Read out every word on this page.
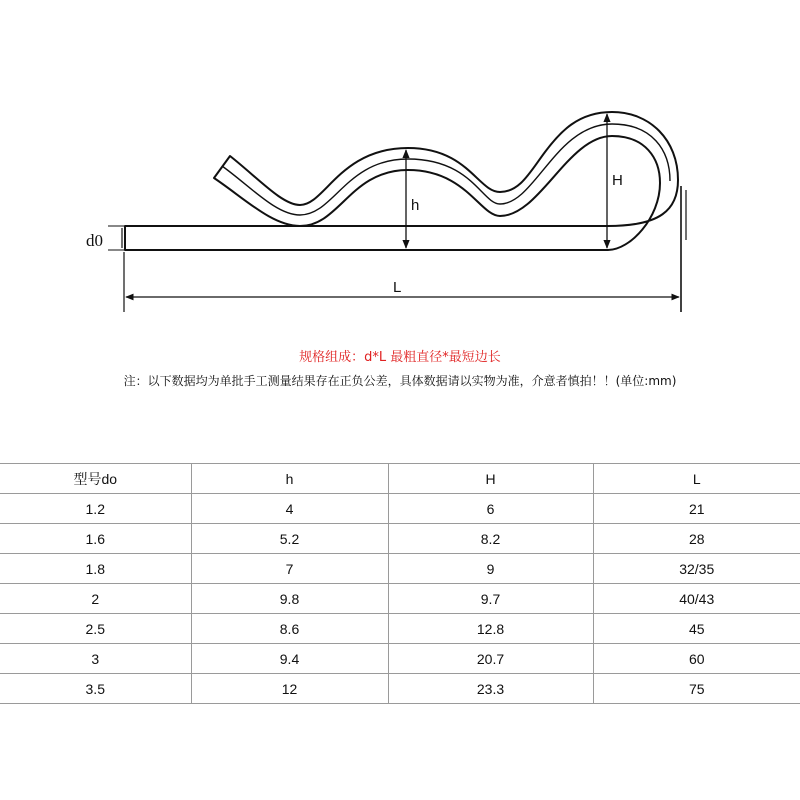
d0
h
H
L
规格组成：d*L 最粗直径*最短边长
注：以下数据均为单批手工测量结果存在正负公差，具体数据请以实物为准，介意者慎拍！！(单位:mm)
型号do	h	H	L
1.2	4	6	21
1.6	5.2	8.2	28
1.8	7	9	32/35
2	9.8	9.7	40/43
2.5	8.6	12.8	45
3	9.4	20.7	60
3.5	12	23.3	75
